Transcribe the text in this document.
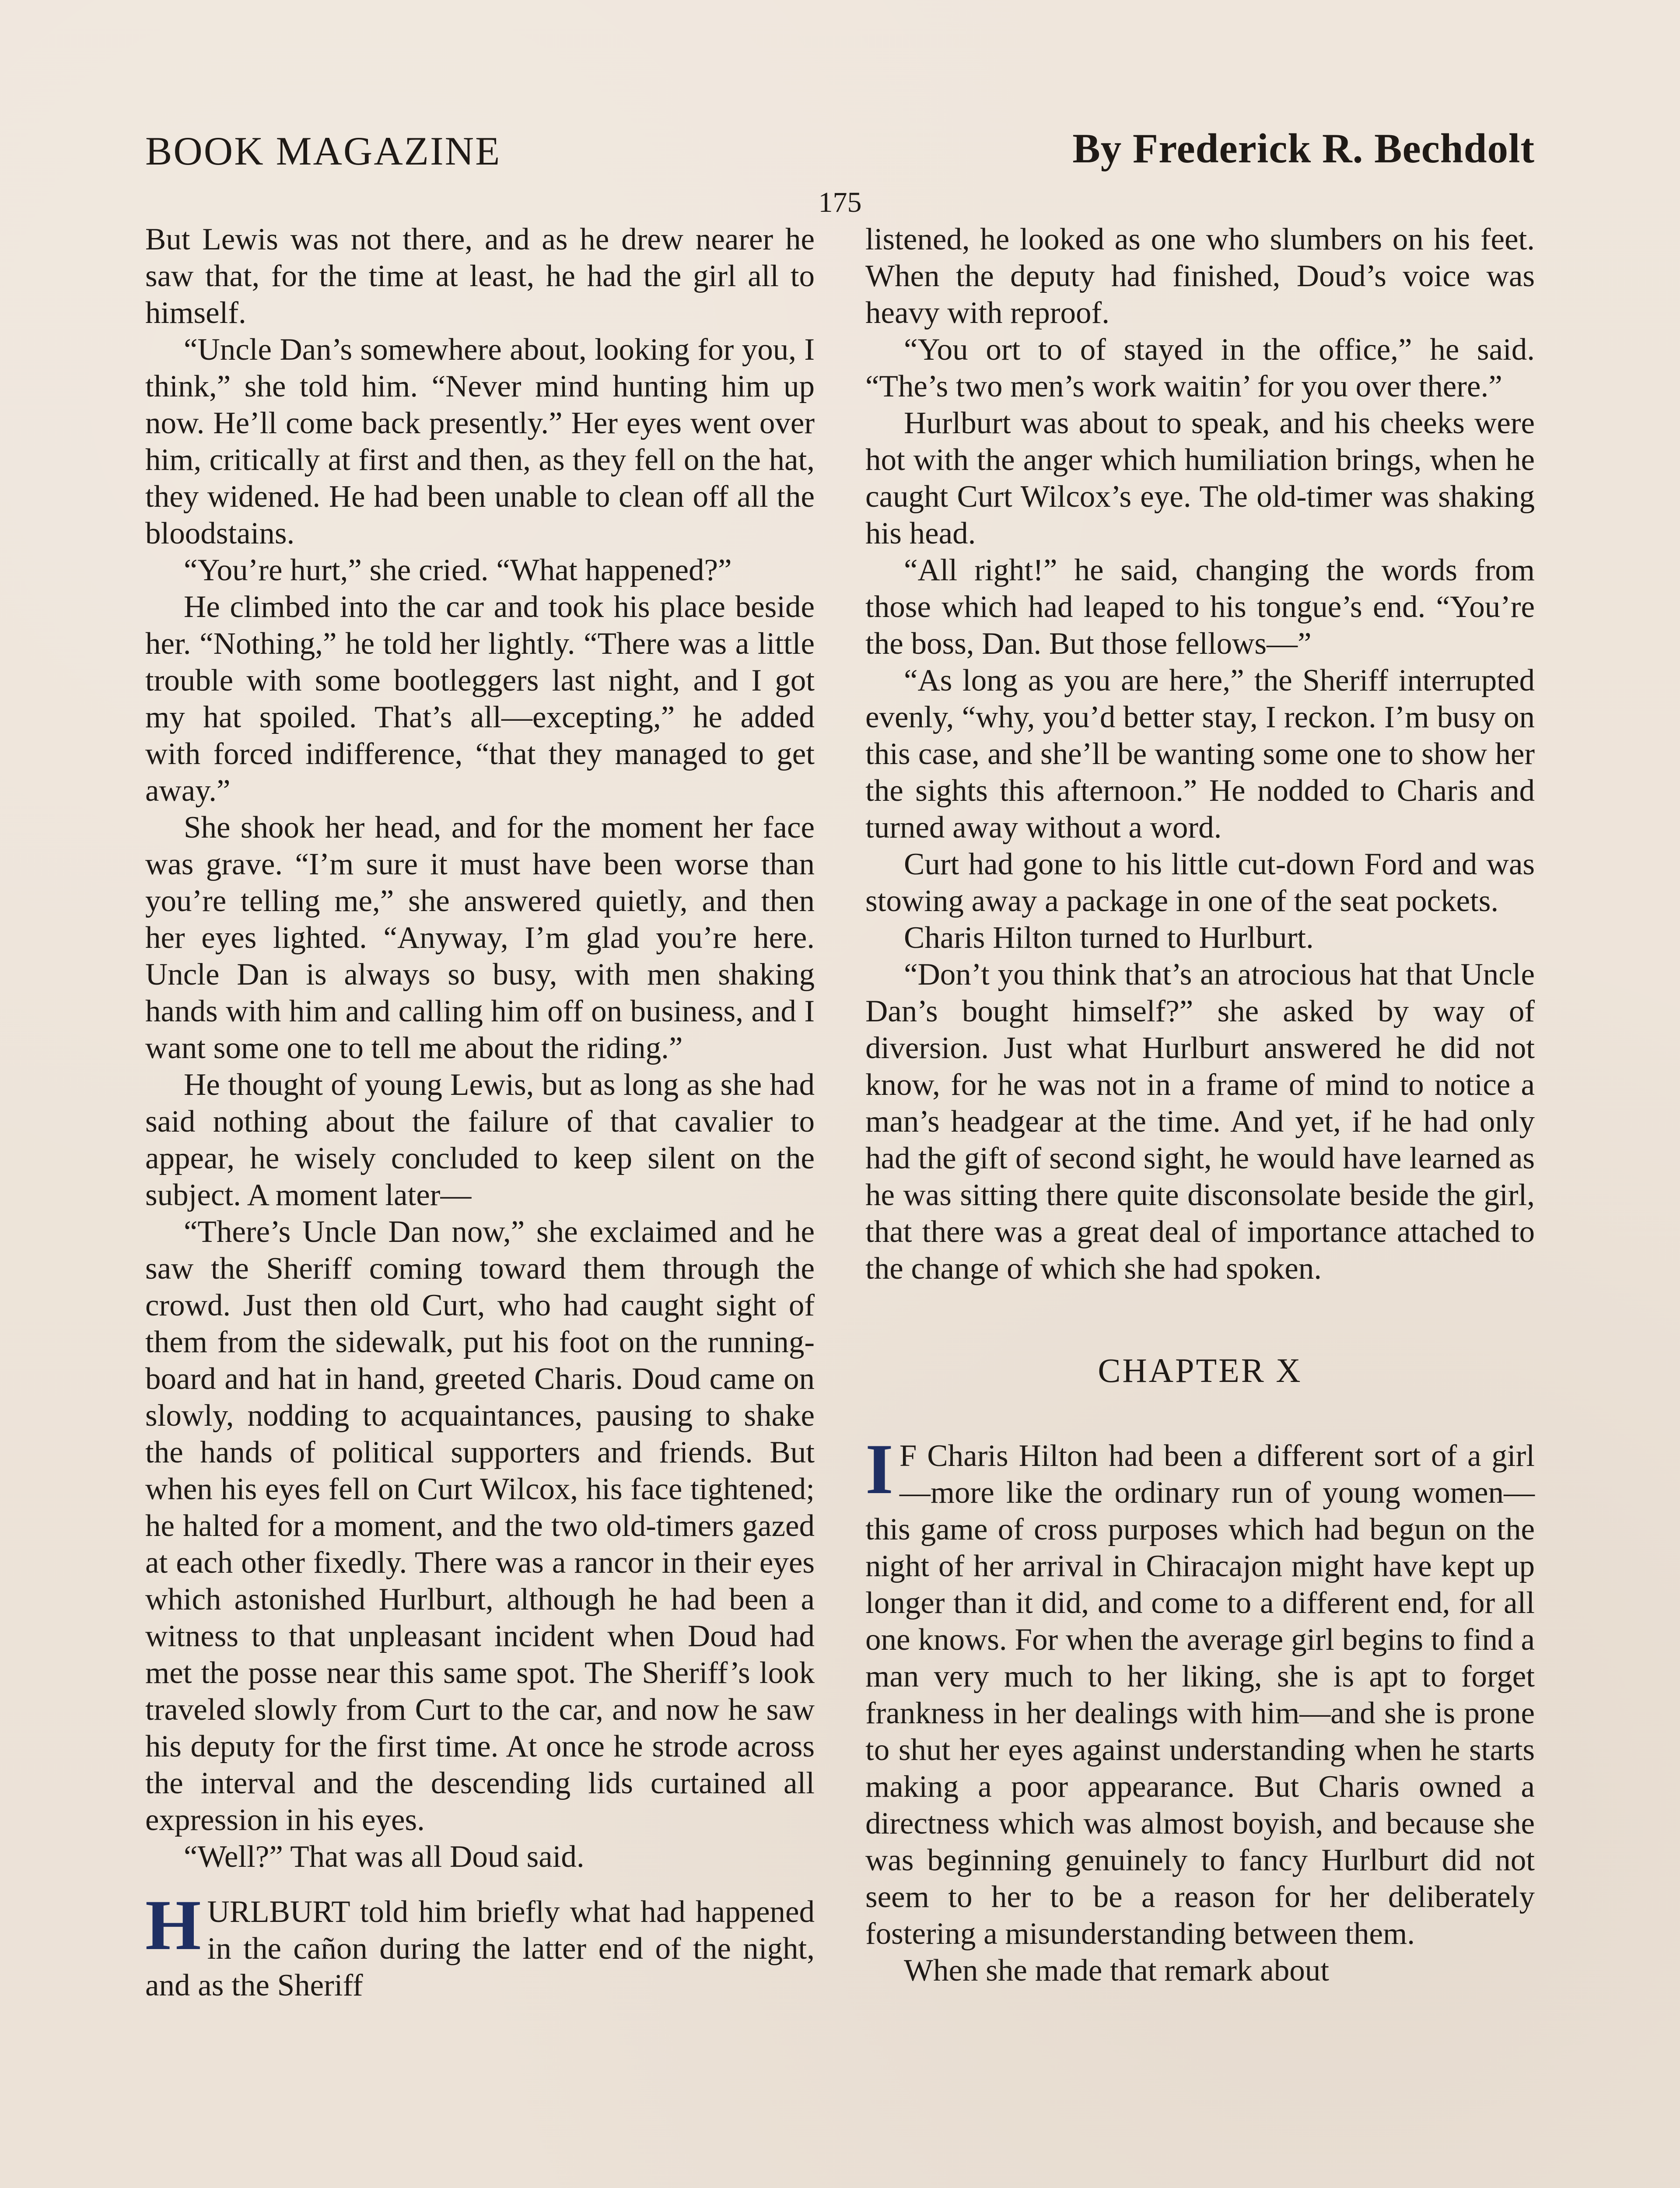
BOOK MAGAZINE	By Frederick R. Bechdolt
175

But Lewis was not there, and as he drew nearer he saw that, for the time at least, he had the girl all to himself.

“Uncle Dan’s somewhere about, looking for you, I think,” she told him. “Never mind hunting him up now. He’ll come back presently.” Her eyes went over him, critically at first and then, as they fell on the hat, they widened. He had been unable to clean off all the bloodstains.

“You’re hurt,” she cried. “What happened?”

He climbed into the car and took his place beside her. “Nothing,” he told her lightly. “There was a little trouble with some bootleggers last night, and I got my hat spoiled. That’s all—excepting,” he added with forced indifference, “that they managed to get away.”

She shook her head, and for the moment her face was grave. “I’m sure it must have been worse than you’re telling me,” she answered quietly, and then her eyes lighted. “Anyway, I’m glad you’re here. Uncle Dan is always so busy, with men shaking hands with him and calling him off on business, and I want some one to tell me about the riding.”

He thought of young Lewis, but as long as she had said nothing about the failure of that cavalier to appear, he wisely concluded to keep silent on the subject. A moment later—

“There’s Uncle Dan now,” she exclaimed and he saw the Sheriff coming toward them through the crowd. Just then old Curt, who had caught sight of them from the sidewalk, put his foot on the running-board and hat in hand, greeted Charis. Doud came on slowly, nodding to acquaintances, pausing to shake the hands of political supporters and friends. But when his eyes fell on Curt Wilcox, his face tightened; he halted for a moment, and the two old-timers gazed at each other fixedly. There was a rancor in their eyes which astonished Hurlburt, although he had been a witness to that unpleasant incident when Doud had met the posse near this same spot. The Sheriff’s look traveled slowly from Curt to the car, and now he saw his deputy for the first time. At once he strode across the interval and the descending lids curtained all expression in his eyes.

“Well?” That was all Doud said.

HURLBURT told him briefly what had happened in the cañon during the latter end of the night, and as the Sheriff

listened, he looked as one who slumbers on his feet. When the deputy had finished, Doud’s voice was heavy with reproof.

“You ort to of stayed in the office,” he said. “The’s two men’s work waitin’ for you over there.”

Hurlburt was about to speak, and his cheeks were hot with the anger which humiliation brings, when he caught Curt Wilcox’s eye. The old-timer was shaking his head.

“All right!” he said, changing the words from those which had leaped to his tongue’s end. “You’re the boss, Dan. But those fellows—”

“As long as you are here,” the Sheriff interrupted evenly, “why, you’d better stay, I reckon. I’m busy on this case, and she’ll be wanting some one to show her the sights this afternoon.” He nodded to Charis and turned away without a word.

Curt had gone to his little cut-down Ford and was stowing away a package in one of the seat pockets.

Charis Hilton turned to Hurlburt.

“Don’t you think that’s an atrocious hat that Uncle Dan’s bought himself?” she asked by way of diversion. Just what Hurlburt answered he did not know, for he was not in a frame of mind to notice a man’s headgear at the time. And yet, if he had only had the gift of second sight, he would have learned as he was sitting there quite disconsolate beside the girl, that there was a great deal of importance attached to the change of which she had spoken.

CHAPTER X

I F Charis Hilton had been a different sort of a girl—more like the ordinary run of young women—this game of cross purposes which had begun on the night of her arrival in Chiracajon might have kept up longer than it did, and come to a different end, for all one knows. For when the average girl begins to find a man very much to her liking, she is apt to forget frankness in her dealings with him—and she is prone to shut her eyes against understanding when he starts making a poor appearance. But Charis owned a directness which was almost boyish, and because she was beginning genuinely to fancy Hurlburt did not seem to her to be a reason for her deliberately fostering a misunderstanding between them.

When she made that remark about
